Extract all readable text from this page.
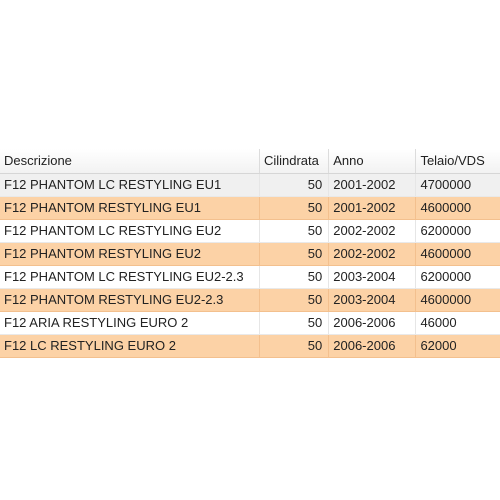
Descrizione	Cilindrata	Anno	Telaio/VDS
F12 PHANTOM LC RESTYLING EU1	50	2001-2002	4700000
F12 PHANTOM RESTYLING EU1	50	2001-2002	4600000
F12 PHANTOM LC RESTYLING EU2	50	2002-2002	6200000
F12 PHANTOM RESTYLING EU2	50	2002-2002	4600000
F12 PHANTOM LC RESTYLING EU2-2.3	50	2003-2004	6200000
F12 PHANTOM RESTYLING EU2-2.3	50	2003-2004	4600000
F12 ARIA RESTYLING EURO 2	50	2006-2006	46000
F12 LC RESTYLING EURO 2	50	2006-2006	62000
